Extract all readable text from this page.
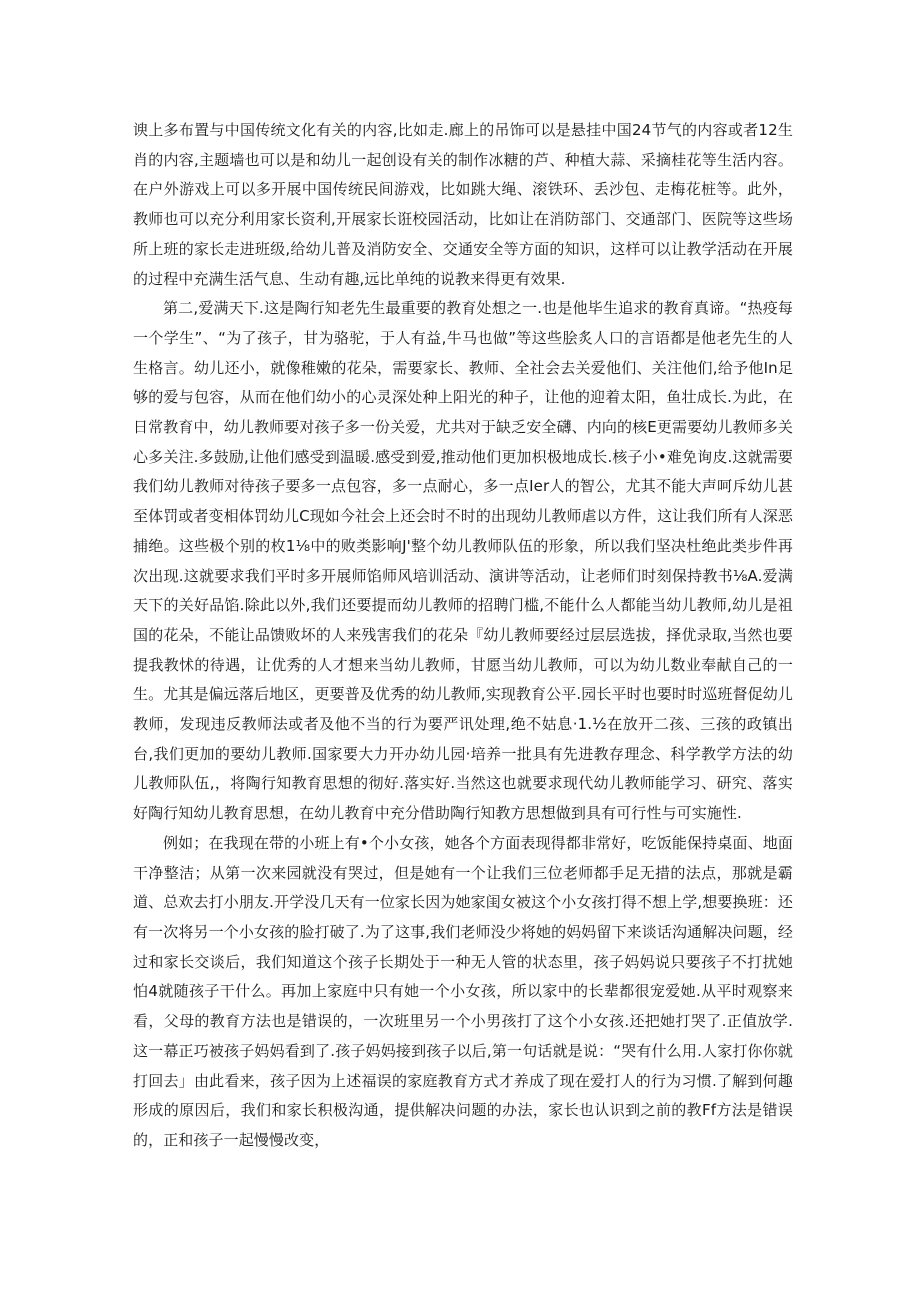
谀上多布置与中国传统文化有关的内容,比如走.廊上的吊饰可以是悬挂中国24节气的内容或者12生肖的内容,主题墙也可以是和幼儿一起创设有关的制作冰糖的芦、种植大蒜、采摘桂花等生活内容。在户外游戏上可以多开展中国传统民间游戏，比如跳大绳、滚铁环、丢沙包、走梅花桩等。此外，教师也可以充分利用家长资利,开展家长诳校园活动，比如让在消防部门、交通部门、医院等这些场所上班的家长走进班级,给幼儿普及消防安全、交通安全等方面的知识，这样可以让教学活动在开展的过程中充满生活气息、生动有趣,远比单纯的说教来得更有效果.

第二,爱满天下.这是陶行知老先生最重要的教育处想之一.也是他毕生追求的教育真谛。“热疫每一个学生”、“为了孩子，甘为骆驼，于人有益,牛马也做”等这些脍炙人口的言语都是他老先生的人生格言。幼儿还小，就像稚嫩的花朵，需要家长、教师、全社会去关爱他们、关注他们,给予他In足够的爱与包容，从而在他们幼小的心灵深处种上阳光的种子，让他的迎着太阳，鱼壮成长.为此，在日常教育中，幼儿教师要对孩子多一份关爱，尤共对于缺乏安全礴、内向的核E更需要幼儿教师多关心多关注.多鼓励,让他们感受到温暖.感受到爱,推动他们更加枳极地成长.核子小•难免询皮.这就需要我们幼儿教师对待孩子要多一点包容，多一点耐心，多一点Ier人的智公，尤其不能大声呵斥幼儿甚至体罚或者变相体罚幼儿C现如今社会上还会时不时的出现幼儿教师虐以方件，这让我们所有人深恶捕绝。这些极个别的枚1⅛中的败类影响J'整个幼儿教师队伍的形象，所以我们坚决杜绝此类步件再次出现.这就要求我们平时多开展师馅师风培训活动、演讲等活动，让老师们时刻保持教书⅛A.爱满天下的关好品馅.除此以外,我们还要提而幼儿教师的招聘门槛,不能什么人都能当幼儿教师,幼儿是祖国的花朵，不能让品馈败坏的人来残害我们的花朵『幼儿教师要经过层层选拔，择优录取,当然也要提我教怵的待遇，让优秀的人才想来当幼儿教师，甘愿当幼儿教师，可以为幼儿数业奉献自己的一生。尤其是偏远落后地区，更要普及优秀的幼儿教师,实现教育公平.园长平时也要时时巡班督促幼儿教师，发现违反教师法或者及他不当的行为要严讯处理,绝不姑息·1.½在放开二孩、三孩的政镇出台,我们更加的要幼儿教师.国家要大力开办幼儿园·培养一批具有先进教存理念、科学教学方法的幼儿教师队伍,，将陶行知教育思想的彻好.落实好.当然这也就要求现代幼儿教师能学习、研究、落实好陶行知幼儿教育思想，在幼儿教育中充分借助陶行知教方思想做到具有可行性与可实施性.

例如；在我现在带的小班上有•个小女孩，她各个方面表现得都非常好，吃饭能保持桌面、地面干净整洁；从第一次来园就没有哭过，但是她有一个让我们三位老师都手足无措的法点，那就是霸道、总欢去打小朋友.开学没几天有一位家长因为她家闺女被这个小女孩打得不想上学,想要换班：还有一次将另一个小女孩的脸打破了.为了这事,我们老师没少将她的妈妈留下来谈话沟通解决问题，经过和家长交谈后，我们知道这个孩子长期处于一种无人管的状态里，孩子妈妈说只要孩子不打扰她怕4就随孩子干什么。再加上家庭中只有她一个小女孩，所以家中的长辈都很宠爱她.从平时观察来看，父母的教育方法也是错误的，一次班里另一个小男孩打了这个小女孩.还把她打哭了.正值放学.这一幕正巧被孩子妈妈看到了.孩子妈妈接到孩子以后,第一句话就是说：“哭有什么用.人家打你你就打回去」由此看来，孩子因为上述福误的家庭教育方式才养成了现在爱打人的行为习惯.了解到何趣形成的原因后，我们和家长积极沟通，提供解决问题的办法，家长也认识到之前的教Ff方法是错误的，正和孩子一起慢慢改变，
